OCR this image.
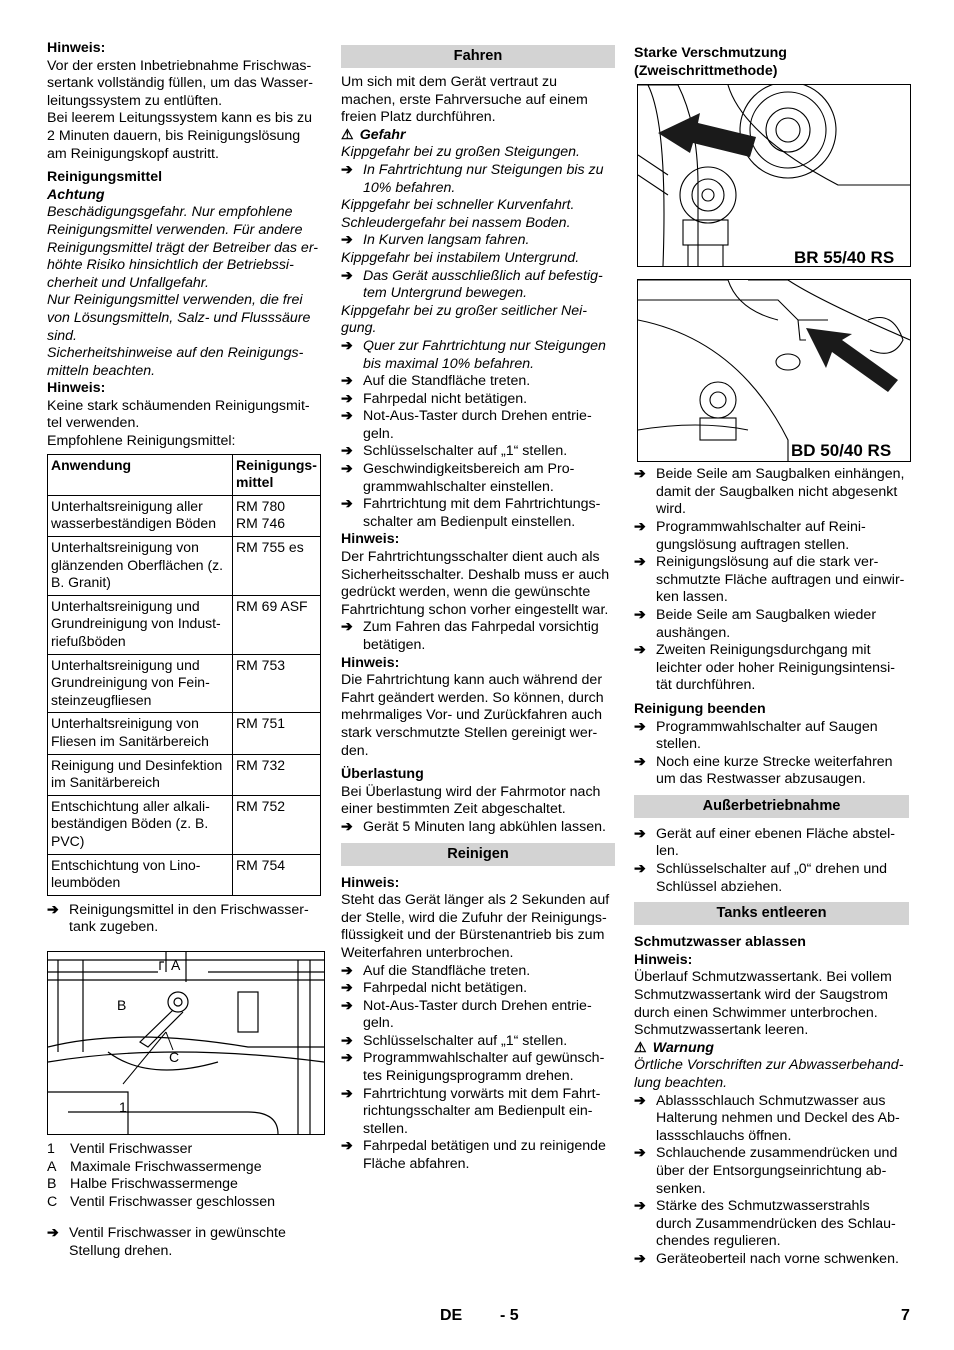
Hinweis:

Vor der ersten Inbetriebnahme Frischwas-sertank vollständig füllen, um das Wasser-leitungssystem zu entlüften.

Bei leerem Leitungssystem kann es bis zu 2 Minuten dauern, bis Reinigungslösung am Reinigungskopf austritt.

Reinigungsmittel

Achtung

Beschädigungsgefahr. Nur empfohlene Reinigungsmittel verwenden. Für andere Reinigungsmittel trägt der Betreiber das er-höhte Risiko hinsichtlich der Betriebssi-cherheit und Unfallgefahr.

Nur Reinigungsmittel verwenden, die frei von Lösungsmitteln, Salz- und Flusssäure sind.

Sicherheitshinweise auf den Reinigungs-mitteln beachten.

Hinweis:

Keine stark schäumenden Reinigungsmit-tel verwenden.

Empfohlene Reinigungsmittel:

Anwendung	Reinigungs-mittel
Unterhaltsreinigung aller wasserbeständigen Böden	RM 780
RM 746
Unterhaltsreinigung von glänzenden Oberflächen (z. B. Granit)	RM 755 es
Unterhaltsreinigung und Grundreinigung von Indust-riefußböden	RM 69 ASF
Unterhaltsreinigung und Grundreinigung von Fein-steinzeugfliesen	RM 753
Unterhaltsreinigung von Fliesen im Sanitärbereich	RM 751
Reinigung und Desinfektion im Sanitärbereich	RM 732
Entschichtung aller alkali-beständigen Böden (z. B. PVC)	RM 752
Entschichtung von Lino-leumböden	RM 754
➔ Reinigungsmittel in den Frischwasser-tank zugeben.
A
B
C
1
1	Ventil Frischwasser
A Maximale Frischwassermenge
B Halbe Frischwassermenge
C Ventil Frischwasser geschlossen
➔ Ventil Frischwasser in gewünschte Stellung drehen.
Fahren

Um sich mit dem Gerät vertraut zu machen, erste Fahrversuche auf einem freien Platz durchführen.

⚠ Gefahr

Kippgefahr bei zu großen Steigungen.

➔ In Fahrtrichtung nur Steigungen bis zu 10% befahren.

Kippgefahr bei schneller Kurvenfahrt.

Schleudergefahr bei nassem Boden.

➔ In Kurven langsam fahren.

Kippgefahr bei instabilem Untergrund.

➔ Das Gerät ausschließlich auf befestig-tem Untergrund bewegen.

Kippgefahr bei zu großer seitlicher Nei-gung.

➔ Quer zur Fahrtrichtung nur Steigungen bis maximal 10% befahren.
➔ Auf die Standfläche treten.
➔ Fahrpedal nicht betätigen.
➔ Not-Aus-Taster durch Drehen entrie-geln.
➔ Schlüsselschalter auf „1“ stellen.
➔ Geschwindigkeitsbereich am Pro-grammwahlschalter einstellen.
➔ Fahrtrichtung mit dem Fahrtrichtungs-schalter am Bedienpult einstellen.

Hinweis:

Der Fahrtrichtungsschalter dient auch als Sicherheitsschalter. Deshalb muss er auch gedrückt werden, wenn die gewünschte Fahrtrichtung schon vorher eingestellt war.

➔ Zum Fahren das Fahrpedal vorsichtig betätigen.

Hinweis:

Die Fahrtrichtung kann auch während der Fahrt geändert werden. So können, durch mehrmaliges Vor- und Zurückfahren auch stark verschmutzte Stellen gereinigt wer-den.

Überlastung

Bei Überlastung wird der Fahrmotor nach einer bestimmten Zeit abgeschaltet.

➔ Gerät 5 Minuten lang abkühlen lassen.
Reinigen

Hinweis:

Steht das Gerät länger als 2 Sekunden auf der Stelle, wird die Zufuhr der Reinigungs-flüssigkeit und der Bürstenantrieb bis zum Weiterfahren unterbrochen.

➔ Auf die Standfläche treten.
➔ Fahrpedal nicht betätigen.
➔ Not-Aus-Taster durch Drehen entrie-geln.
➔ Schlüsselschalter auf „1“ stellen.
➔ Programmwahlschalter auf gewünsch-tes Reinigungsprogramm drehen.
➔ Fahrtrichtung vorwärts mit dem Fahrt-richtungsschalter am Bedienpult ein-stellen.
➔ Fahrpedal betätigen und zu reinigende Fläche abfahren.

Starke Verschmutzung (Zweischrittmethode)

BR 55/40 RS
BD 50/40 RS
➔ Beide Seile am Saugbalken einhängen, damit der Saugbalken nicht abgesenkt wird.
➔ Programmwahlschalter auf Reini-gungslösung auftragen stellen.
➔ Reinigungslösung auf die stark ver-schmutzte Fläche auftragen und einwir-ken lassen.
➔ Beide Seile am Saugbalken wieder aushängen.
➔ Zweiten Reinigungsdurchgang mit leichter oder hoher Reinigungsintensi-tät durchführen.

Reinigung beenden

➔ Programmwahlschalter auf Saugen stellen.
➔ Noch eine kurze Strecke weiterfahren um das Restwasser abzusaugen.
Außerbetriebnahme
➔ Gerät auf einer ebenen Fläche abstel-len.
➔ Schlüsselschalter auf „0“ drehen und Schlüssel abziehen.
Tanks entleeren

Schmutzwasser ablassen

Hinweis:

Überlauf Schmutzwassertank. Bei vollem Schmutzwassertank wird der Saugstrom durch einen Schwimmer unterbrochen. Schmutzwassertank leeren.

⚠ Warnung

Örtliche Vorschriften zur Abwasserbehand-lung beachten.

➔ Ablassschlauch Schmutzwasser aus Halterung nehmen und Deckel des Ab-lassschlauchs öffnen.
➔ Schlauchende zusammendrücken und über der Entsorgungseinrichtung ab-senken.
➔ Stärke des Schmutzwasserstrahls durch Zusammendrücken des Schlau-chendes regulieren.
➔ Geräteoberteil nach vorne schwenken.
DE - 5	7
